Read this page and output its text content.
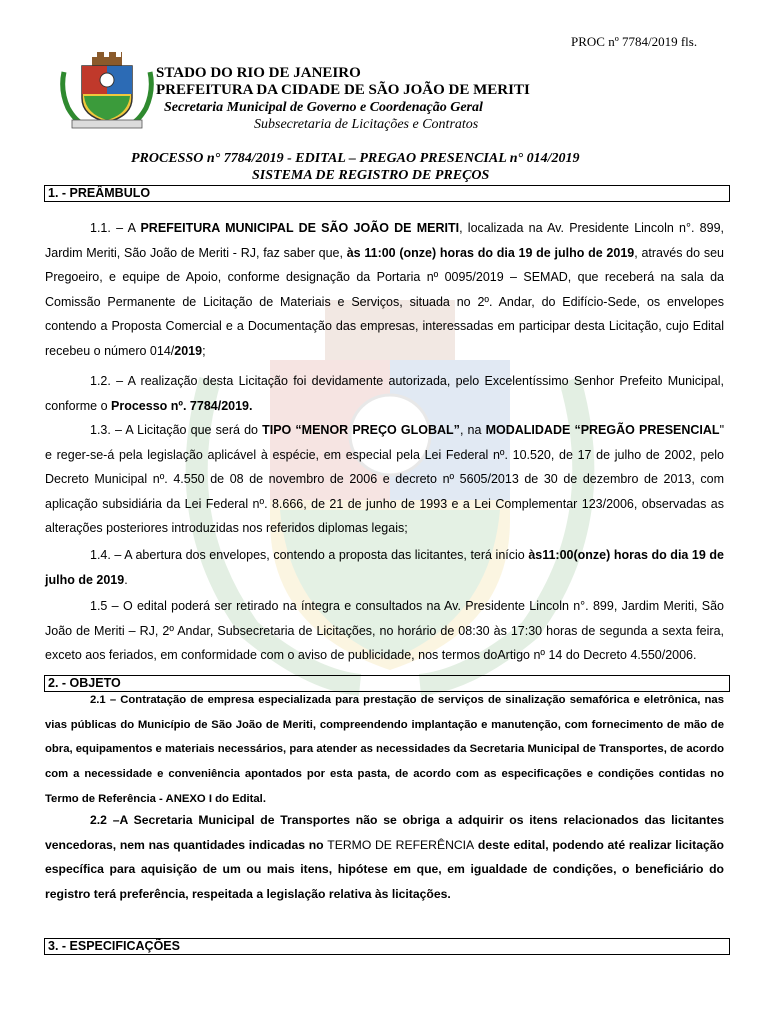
PROC nº 7784/2019 fls.
STADO DO RIO DE JANEIRO
PREFEITURA DA CIDADE DE SÃO JOÃO DE MERITI
Secretaria Municipal de Governo e Coordenação Geral
Subsecretaria de Licitações e Contratos
PROCESSO n° 7784/2019 - EDITAL – PREGAO PRESENCIAL n° 014/2019
SISTEMA DE REGISTRO DE PREÇOS
1. - PREÂMBULO

1.1. – A PREFEITURA MUNICIPAL DE SÃO JOÃO DE MERITI, localizada na Av. Presidente Lincoln n°. 899, Jardim Meriti, São João de Meriti - RJ, faz saber que, às 11:00 (onze) horas do dia 19 de julho de 2019, através do seu Pregoeiro, e equipe de Apoio, conforme designação da Portaria nº 0095/2019 – SEMAD, que receberá na sala da Comissão Permanente de Licitação de Materiais e Serviços, situada no 2º. Andar, do Edifício-Sede, os envelopes contendo a Proposta Comercial e a Documentação das empresas, interessadas em participar desta Licitação, cujo Edital recebeu o número 014/2019;

1.2. – A realização desta Licitação foi devidamente autorizada, pelo Excelentíssimo Senhor Prefeito Municipal, conforme o Processo nº. 7784/2019.

1.3. – A Licitação que será do TIPO “MENOR PREÇO GLOBAL”, na MODALIDADE “PREGÃO PRESENCIAL" e reger-se-á pela legislação aplicável à espécie, em especial pela Lei Federal nº. 10.520, de 17 de julho de 2002, pelo Decreto Municipal nº. 4.550 de 08 de novembro de 2006 e decreto nº 5605/2013 de 30 de dezembro de 2013, com aplicação subsidiária da Lei Federal nº. 8.666, de 21 de junho de 1993 e a Lei Complementar 123/2006, observadas as alterações posteriores introduzidas nos referidos diplomas legais;

1.4. – A abertura dos envelopes, contendo a proposta das licitantes, terá início às11:00(onze) horas do dia 19 de julho de 2019.

1.5 – O edital poderá ser retirado na íntegra e consultados na Av. Presidente Lincoln n°. 899, Jardim Meriti, São João de Meriti – RJ, 2º Andar, Subsecretaria de Licitações, no horário de 08:30 às 17:30 horas de segunda a sexta feira, exceto aos feriados, em conformidade com o aviso de publicidade, nos termos doArtigo nº 14 do Decreto 4.550/2006.

2. - OBJETO

2.1 – Contratação de empresa especializada para prestação de serviços de sinalização semafórica e eletrônica, nas vias públicas do Município de São João de Meriti, compreendendo implantação e manutenção, com fornecimento de mão de obra, equipamentos e materiais necessários, para atender as necessidades da Secretaria Municipal de Transportes, de acordo com a necessidade e conveniência apontados por esta pasta, de acordo com as especificações e condições contidas no Termo de Referência - ANEXO I do Edital.

2.2 –A Secretaria Municipal de Transportes não se obriga a adquirir os itens relacionados das licitantes vencedoras, nem nas quantidades indicadas no TERMO DE REFERÊNCIA deste edital, podendo até realizar licitação específica para aquisição de um ou mais itens, hipótese em que, em igualdade de condições, o beneficiário do registro terá preferência, respeitada a legislação relativa às licitações.

3. - ESPECIFICAÇÕES
